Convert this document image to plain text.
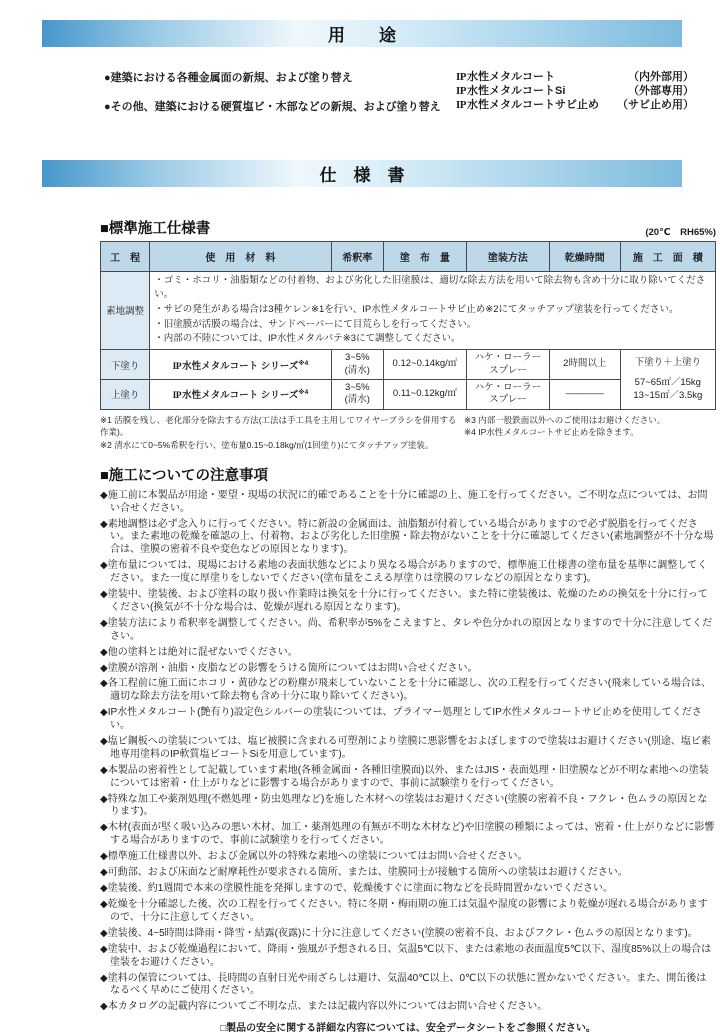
用　　途
●建築における各種金属面の新規、および塗り替え
●その他、建築における硬質塩ビ・木部などの新規、および塗り替え
IP水性メタルコート	（内外部用）
IP水性メタルコートSi	（外部専用）
IP水性メタルコートサビ止め （サビ止め用）
仕　様　書
■標準施工仕様書	(20℃　RH65%)
工　程	使　用　材　料	希釈率	塗　布　量	塗装方法	乾燥時間	施　工　面　積
素地調整	・ゴミ・ホコリ・油脂類などの付着物、および劣化した旧塗膜は、適切な除去方法を用いて除去物も含め十分に取り除いてください。
・サビの発生がある場合は3種ケレン※1を行い、IP水性メタルコートサビ止め※2にてタッチアップ塗装を行ってください。
・旧塗膜が活膜の場合は、サンドペーパーにて目荒らしを行ってください。
・内部の不陸については、IP水性メタルパテ※3にて調整してください。					

下塗り	IP水性メタルコート シリーズ$^{※4}$	3~5%
(清水)
	0.12~0.14kg/㎡	
ハケ・ローラー
スプレー
	2時間以上	下塗り＋上塗り
57~65㎡／15kg
13~15㎡／3.5kg

上塗り	IP水性メタルコート シリーズ$^{※4}$	3~5%
(清水)
	0.11~0.12kg/㎡	
ハケ・ローラー
スプレー
	――――
※1 活膜を残し、老化部分を除去する方法(工法は手工具を主用してワイヤーブラシを併用する作業)。
※2 清水にて0~5%希釈を行い、塗布量0.15~0.18kg/㎡(1回塗り)にてタッチアップ塗装。
※3 内部一般鉄面以外へのご使用はお避けください。
※4 IP水性メタルコートサビ止めを除きます。
■施工についての注意事項
◆施工前に本製品が用途・要望・現場の状況に的確であることを十分に確認の上、施工を行ってください。ご不明な点については、お問い合せください。
◆素地調整は必ず念入りに行ってください。特に新設の金属面は、油脂類が付着している場合がありますので必ず脱脂を行ってください。また素地の乾燥を確認の上、付着物、および劣化した旧塗膜・除去物がないことを十分に確認してください(素地調整が不十分な場合は、塗膜の密着不良や変色などの原因となります)。
◆塗布量については、現場における素地の表面状態などにより異なる場合がありますので、標準施工仕様書の塗布量を基準に調整してください。また一度に厚塗りをしないでください(塗布量をこえる厚塗りは塗膜のワレなどの原因となります)。
◆塗装中、塗装後、および塗料の取り扱い作業時は換気を十分に行ってください。また特に塗装後は、乾燥のための換気を十分に行ってください(換気が不十分な場合は、乾燥が遅れる原因となります)。
◆塗装方法により希釈率を調整してください。尚、希釈率が5%をこえますと、タレや色分かれの原因となりますので十分に注意してください。
◆他の塗料とは絶対に混ぜないでください。
◆塗膜が溶剤・油脂・皮脂などの影響をうける箇所についてはお問い合せください。
◆各工程前に施工面にホコリ・黄砂などの粉塵が飛来していないことを十分に確認し、次の工程を行ってください(飛来している場合は、適切な除去方法を用いて除去物も含め十分に取り除いてください)。
◆IP水性メタルコート(艶有り)設定色シルバーの塗装については、プライマー処理としてIP水性メタルコートサビ止めを使用してください。
◆塩ビ鋼板への塗装については、塩ビ被膜に含まれる可塑剤により塗膜に悪影響をおよぼしますので塗装はお避けください(別途、塩ビ素地専用塗料のIP軟質塩ビコートSiを用意しています)。
◆本製品の密着性として記載しています素地(各種金属面・各種旧塗膜面)以外、またはJIS・表面処理・旧塗膜などが不明な素地への塗装については密着・仕上がりなどに影響する場合がありますので、事前に試験塗りを行ってください。
◆特殊な加工や薬剤処理(不燃処理・防虫処理など)を施した木材への塗装はお避けください(塗膜の密着不良・フクレ・色ムラの原因となります)。
◆木材(表面が堅く吸い込みの悪い木材、加工・薬剤処理の有無が不明な木材など)や旧塗膜の種類によっては、密着・仕上がりなどに影響する場合がありますので、事前に試験塗りを行ってください。
◆標準施工仕様書以外、および金属以外の特殊な素地への塗装についてはお問い合せください。
◆可動部、および床面など耐摩耗性が要求される箇所、または、塗膜同士が接触する箇所への塗装はお避けください。
◆塗装後、約1週間で本来の塗膜性能を発揮しますので、乾燥後すぐに塗面に物などを長時間置かないでください。
◆乾燥を十分確認した後、次の工程を行ってください。特に冬期・梅雨期の施工は気温や湿度の影響により乾燥が遅れる場合がありますので、十分に注意してください。
◆塗装後、4~5時間は降雨・降雪・結露(夜露)に十分に注意してください(塗膜の密着不良、およびフクレ・色ムラの原因となります)。
◆塗装中、および乾燥過程において、降雨・強風が予想される日、気温5℃以下、または素地の表面温度5℃以下、湿度85%以上の場合は塗装をお避けください。
◆塗料の保管については、長時間の直射日光や雨ざらしは避け、気温40℃以上、0℃以下の状態に置かないでください。また、開缶後はなるべく早めにご使用ください。
◆本カタログの記載内容についてご不明な点、または記載内容以外についてはお問い合せください。
□製品の安全に関する詳細な内容については、安全データシートをご参照ください。
